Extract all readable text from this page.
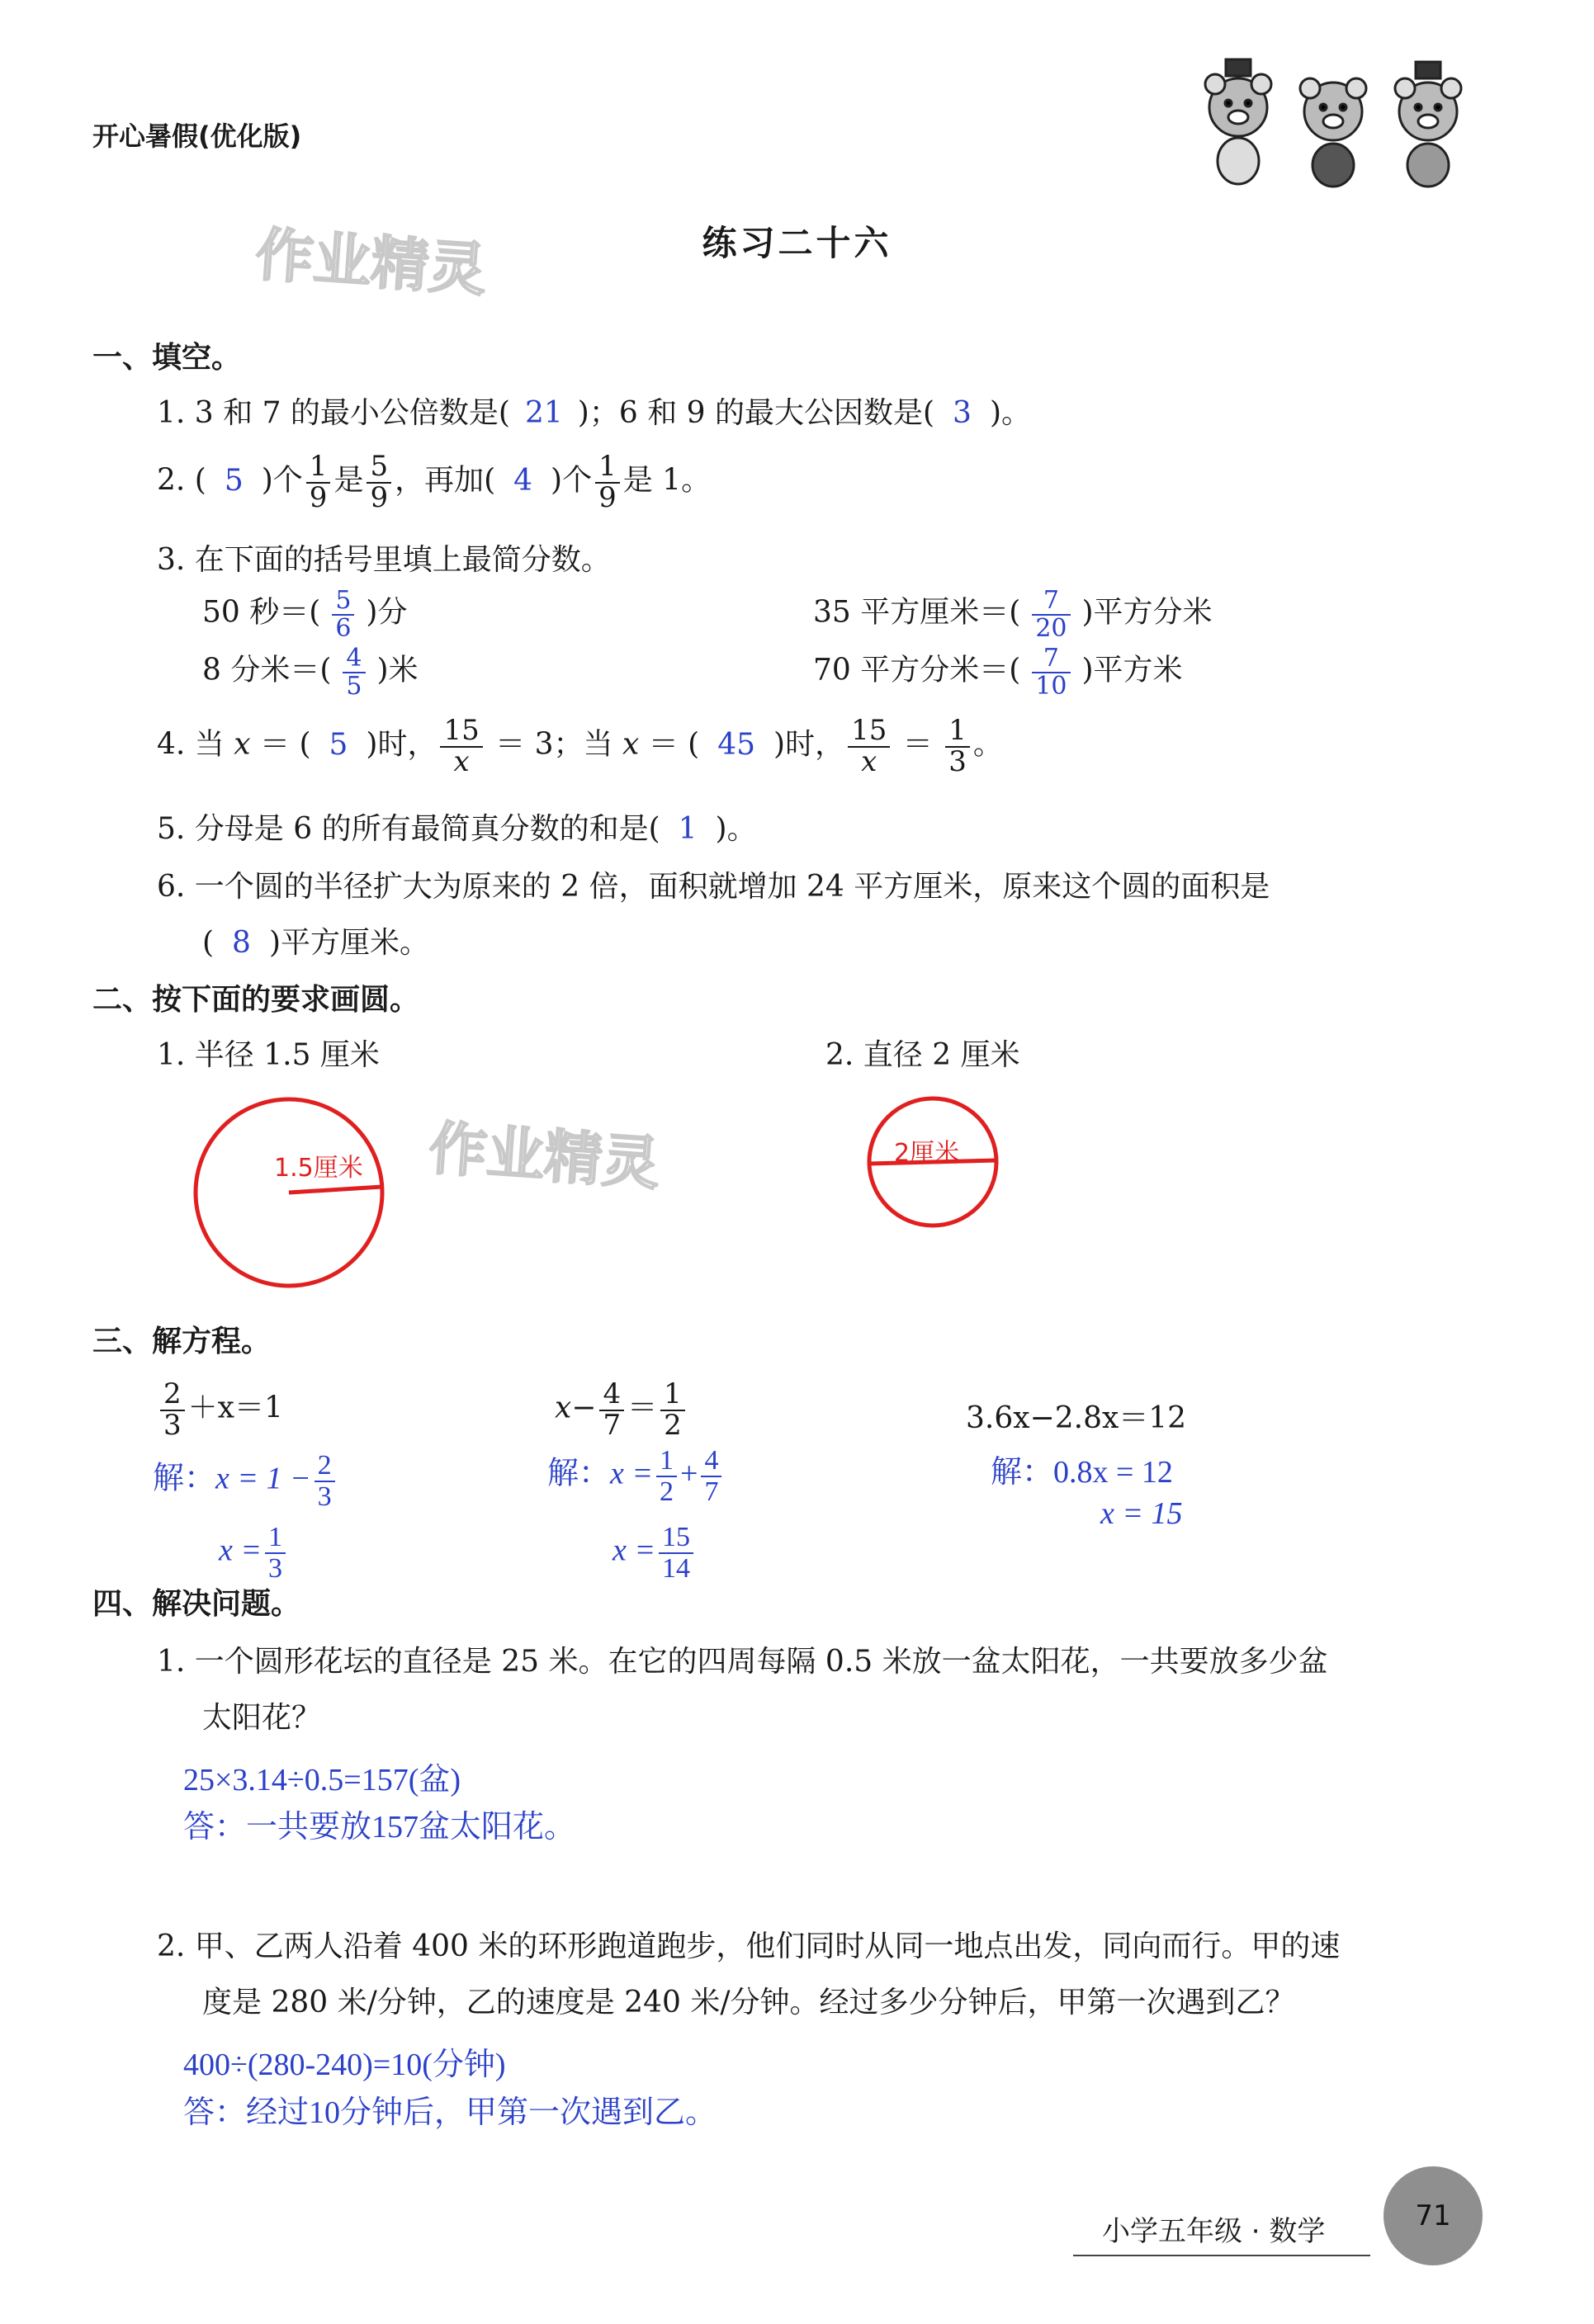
开心暑假(优化版)
练习二十六
作业精灵
作业精灵
一、填空。
1. 3 和 7 的最小公倍数是( 21 )；6 和 9 的最大公因数是( 3 )。
2. ( 5 )个 $\frac{1}{9}$ 是 $\frac{5}{9}$ ，再加( 4 )个 $\frac{1}{9}$ 是 1。
3. 在下面的括号里填上最简分数。
50 秒＝( $\frac{5}{6}$ )分	35 平方厘米＝( $\frac{7}{20}$ )平方分米
8 分米＝( $\frac{4}{5}$ )米	70 平方分米＝( $\frac{7}{10}$ )平方米
4. 当 x ＝ ( 5 )时， $\frac{15}{x} = 3$；当 x ＝ ( 45 )时， $\frac{15}{x} = \frac{1}{3}$ 。
5. 分母是 6 的所有最简真分数的和是( 1 )。
6. 一个圆的半径扩大为原来的 2 倍，面积就增加 24 平方厘米，原来这个圆的面积是
( 8 )平方厘米。
二、按下面的要求画圆。
1. 半径 1.5 厘米	2. 直径 2 厘米
1.5厘米
2厘米
三、解方程。
$\frac{2}{3} +x=1$
解：$x = 1 - \frac{2}{3}$
$x = \frac{1}{3}$
$x- \frac{4}{7} = \frac{1}{2}$
解：$x = \frac{1}{2} + \frac{4}{7}$
$x = \frac{15}{14}$
3.6x−2.8x＝12
解：0.8x = 12
x = 15
四、解决问题。
1. 一个圆形花坛的直径是 25 米。在它的四周每隔 0.5 米放一盆太阳花，一共要放多少盆
太阳花？
25×3.14÷0.5=157(盆)
答：一共要放157盆太阳花。
2. 甲、乙两人沿着 400 米的环形跑道跑步，他们同时从同一地点出发，同向而行。甲的速
度是 280 米/分钟，乙的速度是 240 米/分钟。经过多少分钟后，甲第一次遇到乙？
400÷(280-240)=10(分钟)
答：经过10分钟后，甲第一次遇到乙。
小学五年级 · 数学	71
